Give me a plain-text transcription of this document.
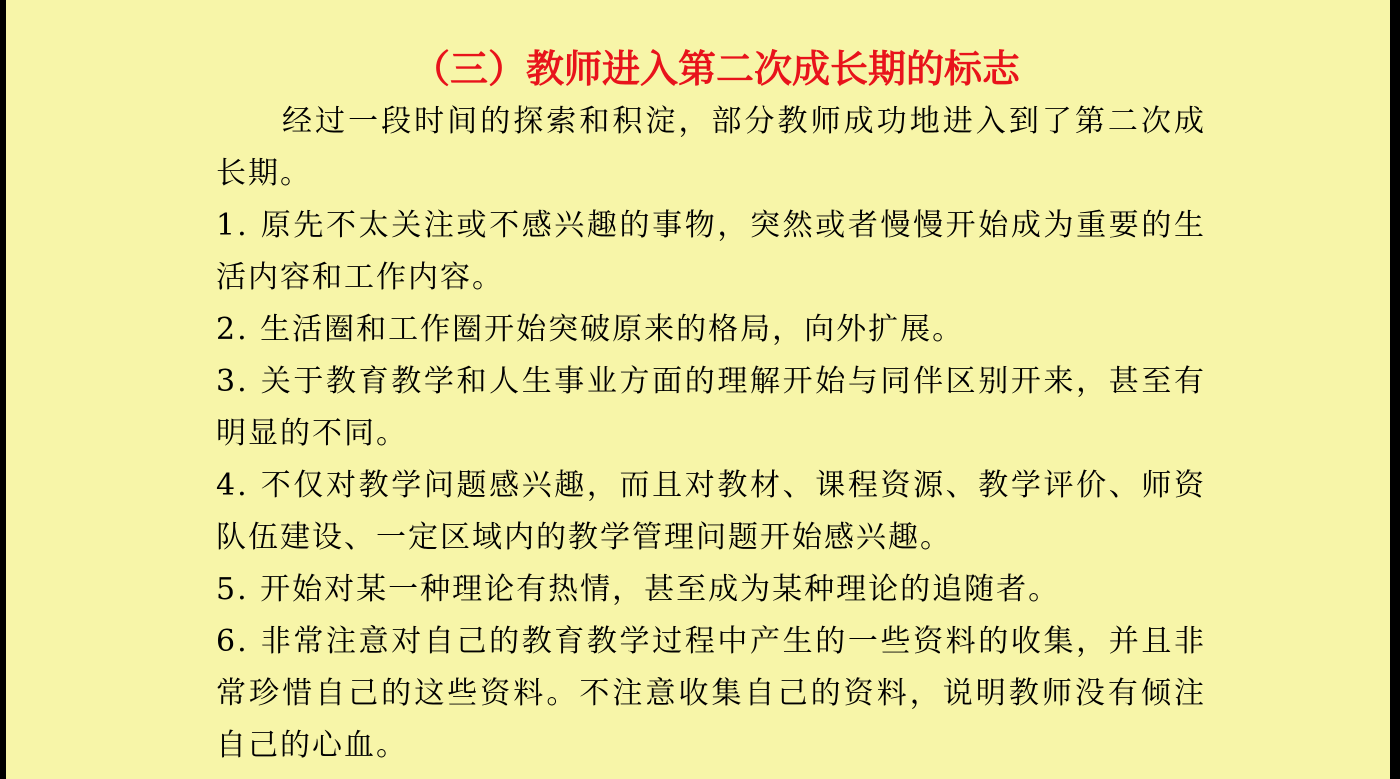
（三）教师进入第二次成长期的标志

经过一段时间的探索和积淀，部分教师成功地进入到了第二次成长期。

1. 原先不太关注或不感兴趣的事物，突然或者慢慢开始成为重要的生活内容和工作内容。

2. 生活圈和工作圈开始突破原来的格局，向外扩展。

3. 关于教育教学和人生事业方面的理解开始与同伴区别开来，甚至有明显的不同。

4. 不仅对教学问题感兴趣，而且对教材、课程资源、教学评价、师资队伍建设、一定区域内的教学管理问题开始感兴趣。

5. 开始对某一种理论有热情，甚至成为某种理论的追随者。

6. 非常注意对自己的教育教学过程中产生的一些资料的收集，并且非常珍惜自己的这些资料。不注意收集自己的资料，说明教师没有倾注自己的心血。
